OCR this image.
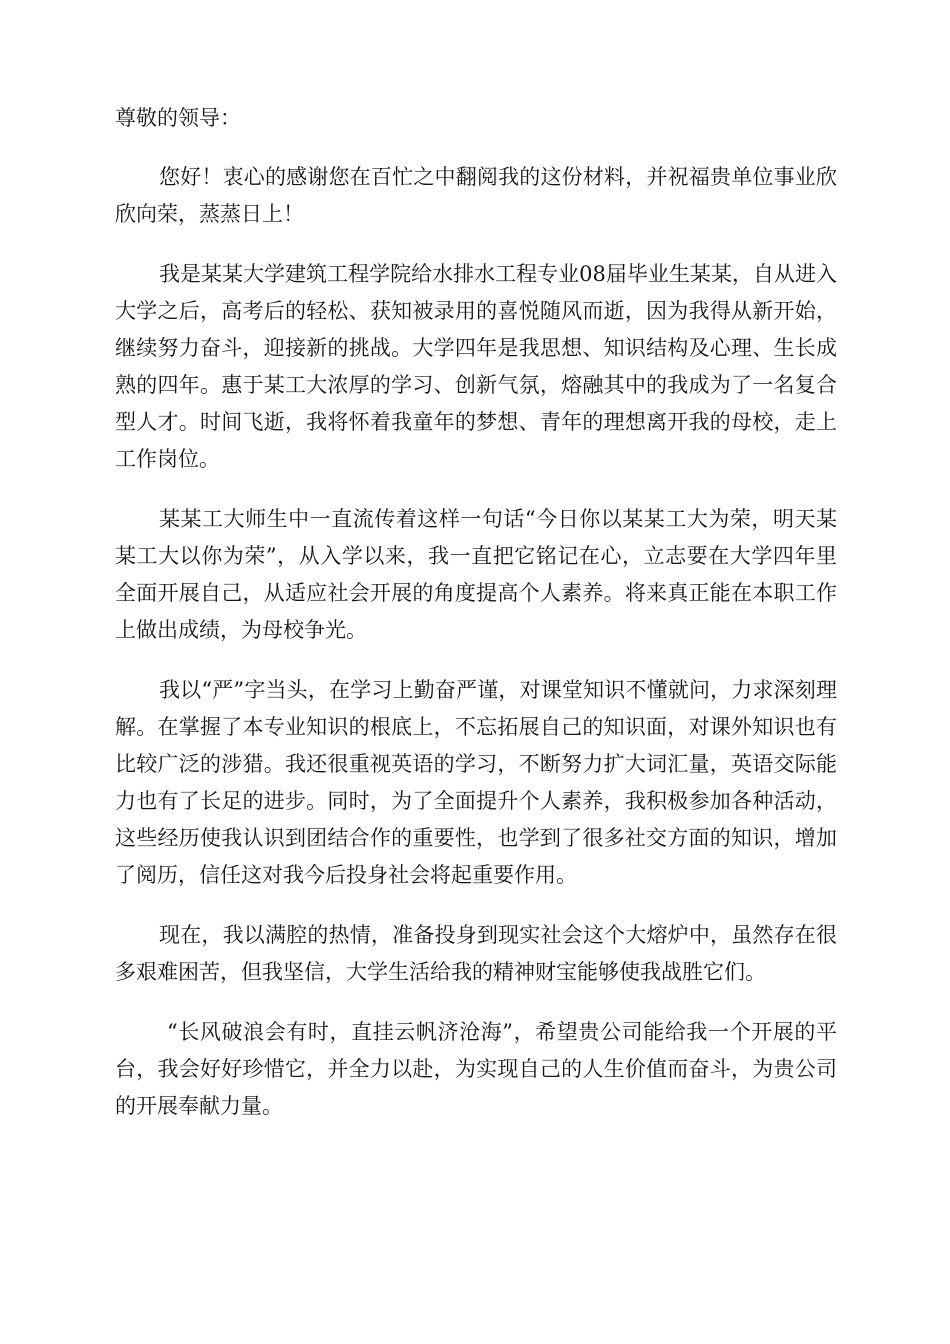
尊敬的领导：

您好！衷心的感谢您在百忙之中翻阅我的这份材料，并祝福贵单位事业欣欣向荣，蒸蒸日上！

我是某某大学建筑工程学院给水排水工程专业08届毕业生某某，自从进入大学之后，高考后的轻松、获知被录用的喜悦随风而逝，因为我得从新开始，继续努力奋斗，迎接新的挑战。大学四年是我思想、知识结构及心理、生长成熟的四年。惠于某工大浓厚的学习、创新气氛，熔融其中的我成为了一名复合型人才。时间飞逝，我将怀着我童年的梦想、青年的理想离开我的母校，走上工作岗位。

某某工大师生中一直流传着这样一句话“今日你以某某工大为荣，明天某某工大以你为荣”，从入学以来，我一直把它铭记在心，立志要在大学四年里全面开展自己，从适应社会开展的角度提高个人素养。将来真正能在本职工作上做出成绩，为母校争光。

我以“严”字当头，在学习上勤奋严谨，对课堂知识不懂就问，力求深刻理解。在掌握了本专业知识的根底上，不忘拓展自己的知识面，对课外知识也有比较广泛的涉猎。我还很重视英语的学习，不断努力扩大词汇量，英语交际能力也有了长足的进步。同时，为了全面提升个人素养，我积极参加各种活动，这些经历使我认识到团结合作的重要性，也学到了很多社交方面的知识，增加了阅历，信任这对我今后投身社会将起重要作用。

现在，我以满腔的热情，准备投身到现实社会这个大熔炉中，虽然存在很多艰难困苦，但我坚信，大学生活给我的精神财宝能够使我战胜它们。

“长风破浪会有时，直挂云帆济沧海”，希望贵公司能给我一个开展的平台，我会好好珍惜它，并全力以赴，为实现自己的人生价值而奋斗，为贵公司的开展奉献力量。
